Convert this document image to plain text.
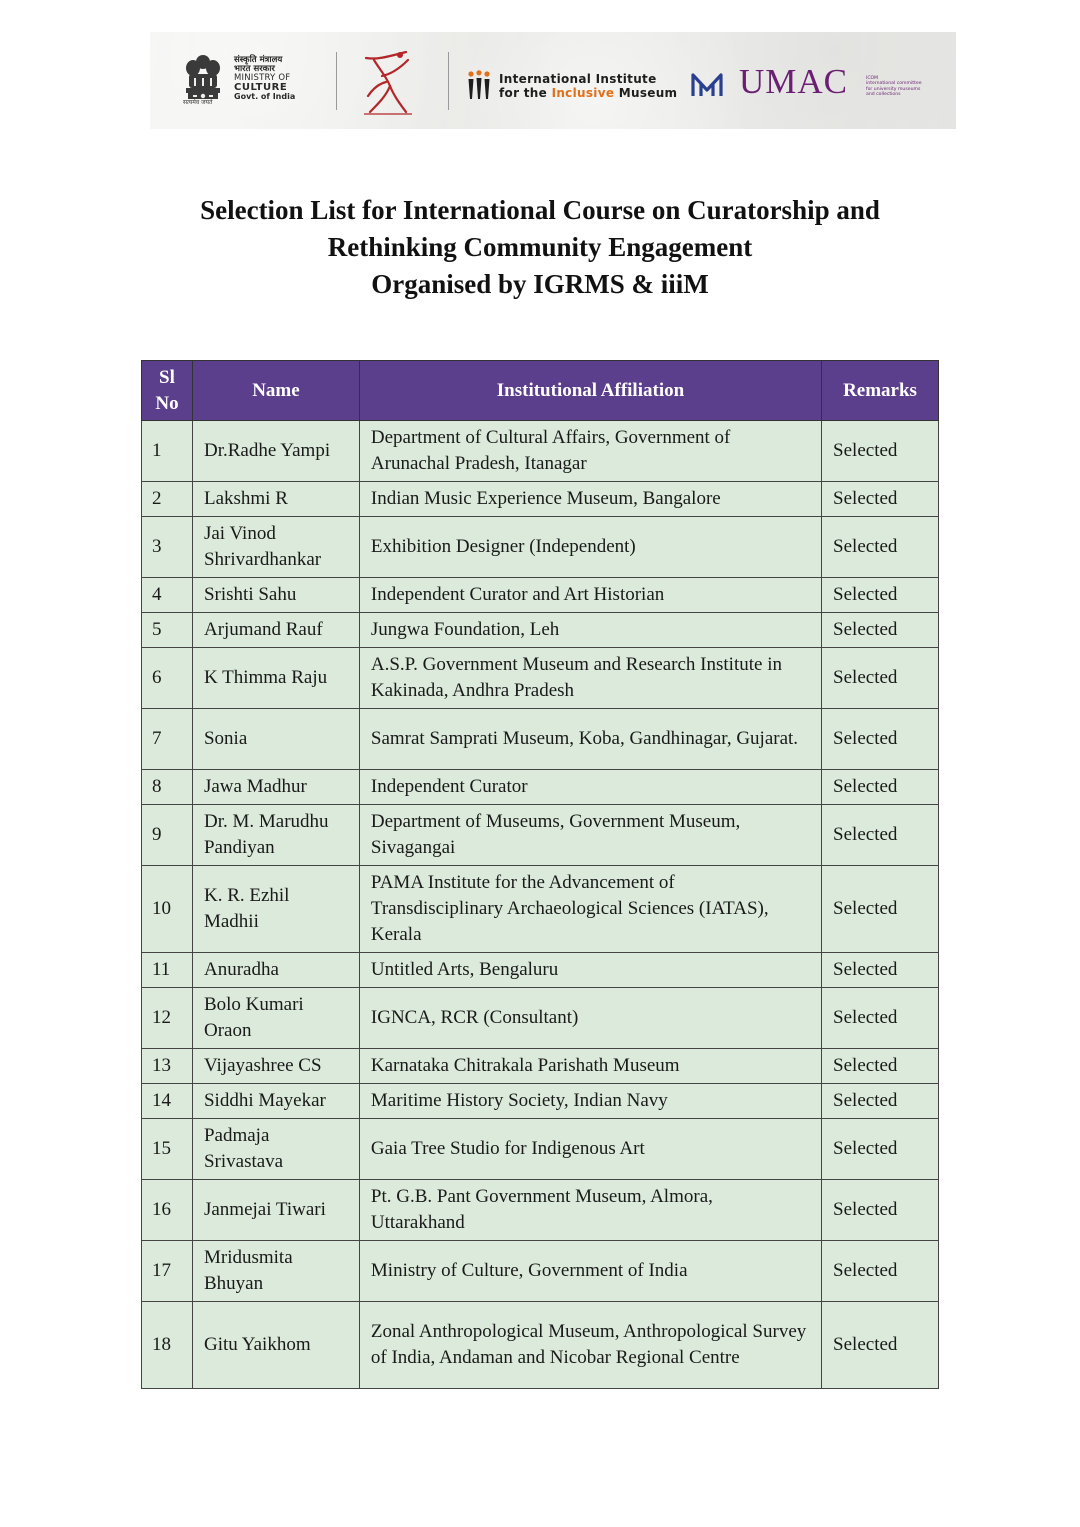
सत्यमेव जयते
संस्कृति मंत्रालय
भारत सरकार
MINISTRY OF
CULTURE
Govt. of India
International Institute
for the Inclusive Museum UMAC	ICOM
international committee
for university museums
and collections
Selection List for International Course on Curatorship and
Rethinking Community Engagement
Organised by IGRMS & iiiM
Sl
No	Name	Institutional Affiliation	Remarks
1	Dr.Radhe Yampi	Department of Cultural Affairs, Government of Arunachal Pradesh, Itanagar	Selected
2	Lakshmi R	Indian Music Experience Museum, Bangalore	Selected
3	Jai Vinod Shrivardhankar	Exhibition Designer (Independent)	Selected
4	Srishti Sahu	Independent Curator and Art Historian	Selected
5	Arjumand Rauf	Jungwa Foundation, Leh	Selected
6	K Thimma Raju	A.S.P. Government Museum and Research Institute in Kakinada, Andhra Pradesh	Selected
7	Sonia	Samrat Samprati Museum, Koba, Gandhinagar, Gujarat.	Selected
8	Jawa Madhur	Independent Curator	Selected
9	Dr. M. Marudhu Pandiyan	Department of Museums, Government Museum, Sivagangai	Selected
10	K. R. Ezhil Madhii	PAMA Institute for the Advancement of Transdisciplinary Archaeological Sciences (IATAS), Kerala	Selected
11	Anuradha	Untitled Arts, Bengaluru	Selected
12	Bolo Kumari Oraon	IGNCA, RCR (Consultant)	Selected
13	Vijayashree CS	Karnataka Chitrakala Parishath Museum	Selected
14	Siddhi Mayekar	Maritime History Society, Indian Navy	Selected
15	Padmaja Srivastava	Gaia Tree Studio for Indigenous Art	Selected
16	Janmejai Tiwari	Pt. G.B. Pant Government Museum, Almora, Uttarakhand	Selected
17	Mridusmita Bhuyan	Ministry of Culture, Government of India	Selected
18	Gitu Yaikhom	Zonal Anthropological Museum, Anthropological Survey of India, Andaman and Nicobar Regional Centre	Selected
